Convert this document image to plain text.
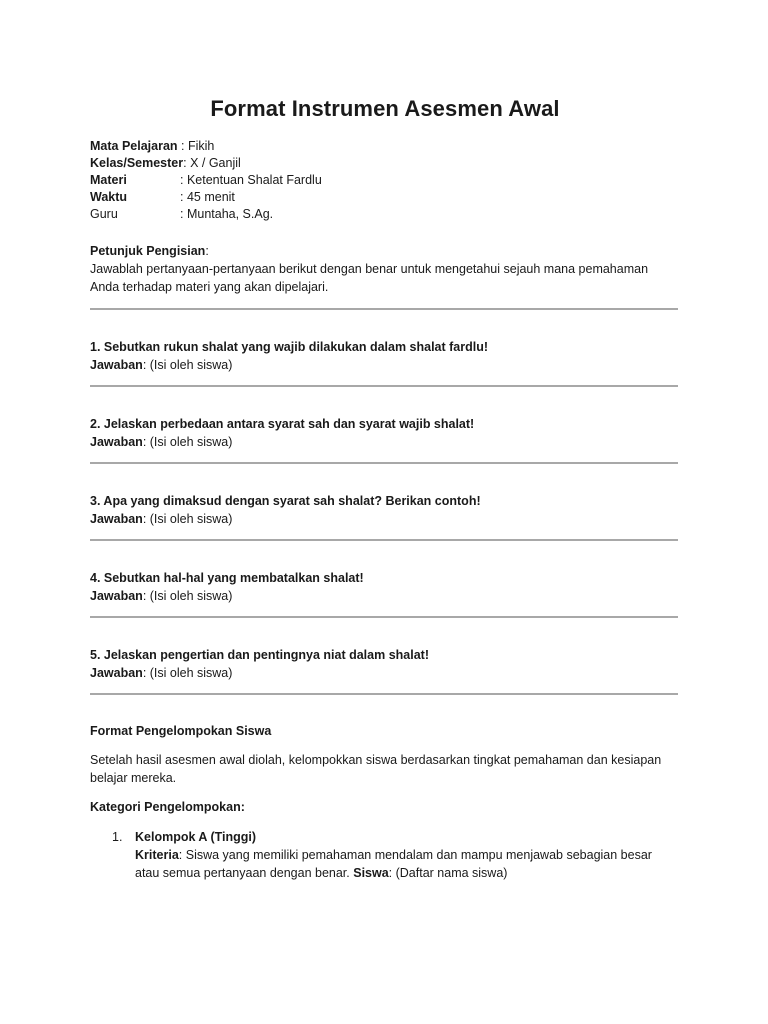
Format Instrumen Asesmen Awal
Mata Pelajaran : Fikih
Kelas/Semester : X / Ganjil
Materi	: Ketentuan Shalat Fardlu
Waktu	: 45 menit
Guru	: Muntaha, S.Ag.
Petunjuk Pengisian:
Jawablah pertanyaan-pertanyaan berikut dengan benar untuk mengetahui sejauh mana pemahaman
Anda terhadap materi yang akan dipelajari.
1. Sebutkan rukun shalat yang wajib dilakukan dalam shalat fardlu!
Jawaban: (Isi oleh siswa)
2. Jelaskan perbedaan antara syarat sah dan syarat wajib shalat!
Jawaban: (Isi oleh siswa)
3. Apa yang dimaksud dengan syarat sah shalat? Berikan contoh!
Jawaban: (Isi oleh siswa)
4. Sebutkan hal-hal yang membatalkan shalat!
Jawaban: (Isi oleh siswa)
5. Jelaskan pengertian dan pentingnya niat dalam shalat!
Jawaban: (Isi oleh siswa)
Format Pengelompokan Siswa
Setelah hasil asesmen awal diolah, kelompokkan siswa berdasarkan tingkat pemahaman dan kesiapan
belajar mereka.
Kategori Pengelompokan:
1. Kelompok A (Tinggi)
Kriteria: Siswa yang memiliki pemahaman mendalam dan mampu menjawab sebagian besar
atau semua pertanyaan dengan benar. Siswa: (Daftar nama siswa)
